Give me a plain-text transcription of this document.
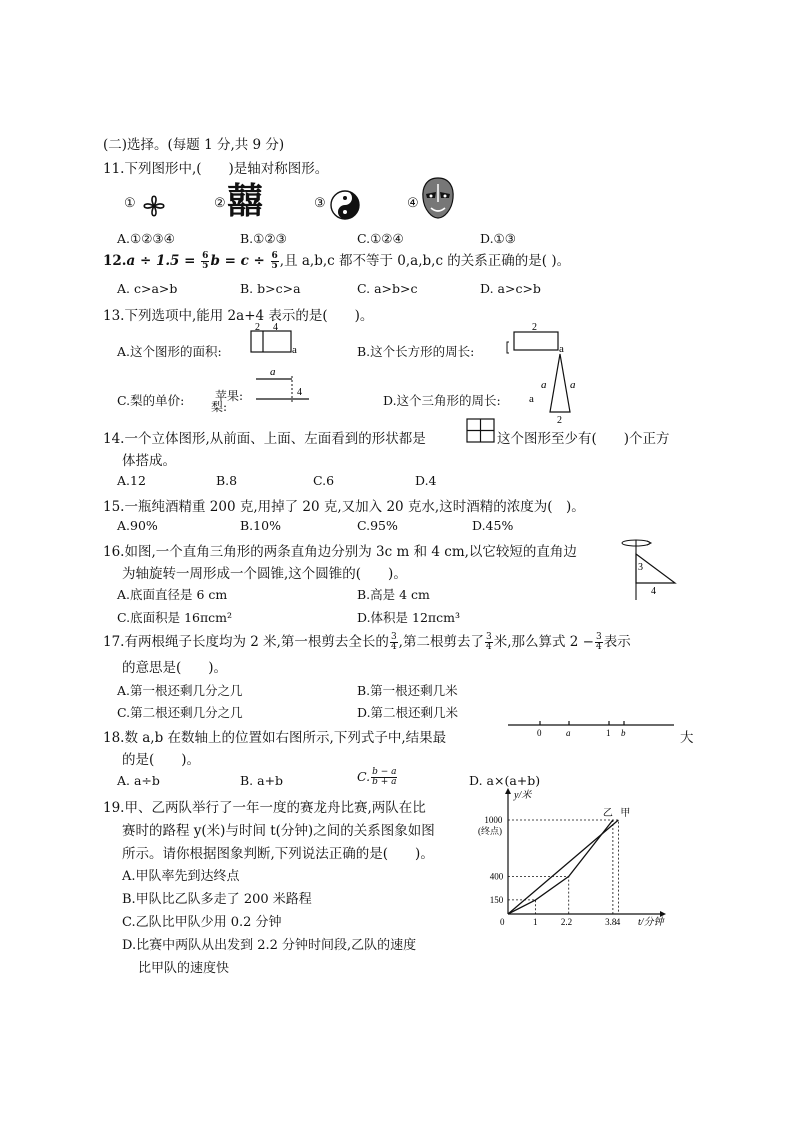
(二)选择。(每题 1 分,共 9 分)
11.下列图形中,(　　)是轴对称图形。
①	② 囍	③	④
A.①②③④	B.①②③	C.①②④	D.①③
$12.a \div 1.5 = \frac{6}{5}$ $b = c \div \frac{6}{5}$ ,且 a,b,c 都不等于 0,a,b,c 的关系正确的是( )。
A. c>a>b	B. b>c>a	C. a>b>c	D. a>c>b
13.下列选项中,能用 2a+4 表示的是(　　)。
A.这个图形的面积:
2 4
a	B.这个长方形的周长:
2
a
C.梨的单价:	苹果:
梨:
a
4
D.这个三角形的周长:	a
a a
2
14.一个立体图形,从前面、上面、左面看到的形状都是	这个图形至少有(　　)个正方
体搭成。
A.12	B.8	C.6	D.4
15.一瓶纯酒精重 200 克,用掉了 20 克,又加入 20 克水,这时酒精的浓度为(　)。
A.90%	B.10%	C.95%	D.45%
16.如图,一个直角三角形的两条直角边分别为 3c m 和 4 cm,以它较短的直角边
为轴旋转一周形成一个圆锥,这个圆锥的(　　)。	3
4
A.底面直径是 6 cm	B.高是 4 cm
C.底面积是 16πcm²	D.体积是 12πcm³
17.有两根绳子长度均为 2 米,第一根剪去全长的 $\frac{3}{4}$ ,第二根剪去了 $\frac{3}{4}$ 米,那么算式 $2 - \frac{3}{4}$ 表示
的意思是(　　)。
A.第一根还剩几分之几	B.第一根还剩几米
C.第二根还剩几分之几	D.第二根还剩几米
18.数 a,b 在数轴上的位置如右图所示,下列式子中,结果最	0	a	1 b	大
的是(　　)。
A. a÷b	B. a+b	C. $\frac{b - a}{b + a}$	D. a×(a+b)
19.甲、乙两队举行了一年一度的赛龙舟比赛,两队在比
赛时的路程 y(米)与时间 t(分钟)之间的关系图象如图
所示。请你根据图象判断,下列说法正确的是(　　)。
A.甲队率先到达终点
B.甲队比乙队多走了 200 米路程
C.乙队比甲队少用 0.2 分钟
D.比赛中两队从出发到 2.2 分钟时间段,乙队的速度
比甲队的速度快
y/米
t/分钟
0	1	2.2	3.8 4
150
400
1000
(终点)
甲
乙
